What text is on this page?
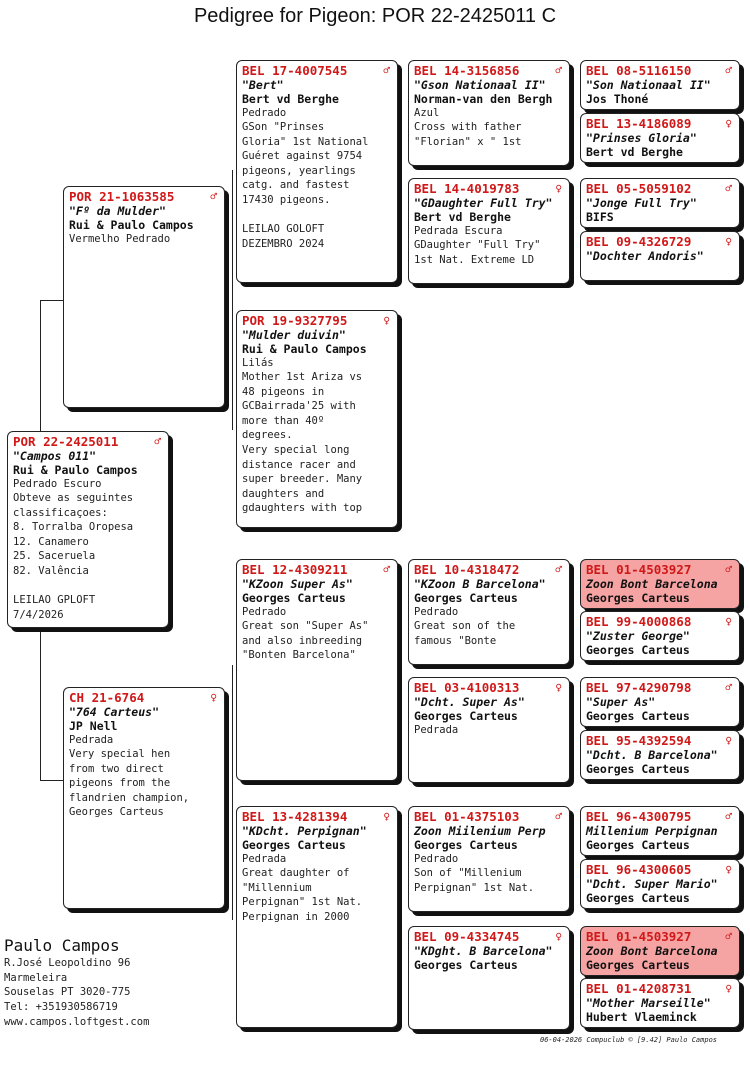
Pedigree for Pigeon: POR 22-2425011 C
POR 22-2425011	♂
"Campos 011"
Rui & Paulo Campos
Pedrado Escuro
Obteve as seguintes
classificaçoes:
8. Torralba Oropesa
12. Canamero
25. Saceruela
82. Valência

LEILAO GPLOFT
7/4/2026
POR 21-1063585	♂
"Fº da Mulder"
Rui & Paulo Campos
Vermelho Pedrado
CH 21-6764	♀
"764 Carteus"
JP Nell
Pedrada
Very special hen
from two direct
pigeons from the
flandrien champion,
Georges Carteus
BEL 17-4007545	♂
"Bert"
Bert vd Berghe
Pedrado
GSon "Prinses
Gloria" 1st National
Guéret against 9754
pigeons, yearlings
catg. and fastest
17430 pigeons.

LEILAO GOLOFT
DEZEMBRO 2024
POR 19-9327795	♀
"Mulder duivin"
Rui & Paulo Campos
Lilás
Mother 1st Ariza vs
48 pigeons in
GCBairrada'25 with
more than 40º
degrees.
Very special long
distance racer and
super breeder. Many
daughters and
gdaughters with top
BEL 12-4309211	♂
"KZoon Super As"
Georges Carteus
Pedrado
Great son "Super As"
and also inbreeding
"Bonten Barcelona"
BEL 13-4281394	♀
"KDcht. Perpignan"
Georges Carteus
Pedrada
Great daughter of
"Millennium
Perpignan" 1st Nat.
Perpignan in 2000
BEL 14-3156856	♂
"Gson Nationaal II"
Norman-van den Bergh
Azul
Cross with father
"Florian" x " 1st
BEL 14-4019783	♀
"GDaughter Full Try"
Bert vd Berghe
Pedrada Escura
GDaughter "Full Try"
1st Nat. Extreme LD
BEL 10-4318472	♂
"KZoon B Barcelona"
Georges Carteus
Pedrado
Great son of the
famous "Bonte
BEL 03-4100313	♀
"Dcht. Super As"
Georges Carteus
Pedrada
BEL 01-4375103	♂
Zoon Miilenium Perp
Georges Carteus
Pedrado
Son of "Millenium
Perpignan" 1st Nat.
BEL 09-4334745	♀
"KDght. B Barcelona"
Georges Carteus
BEL 08-5116150	♂
"Son Nationaal II"
Jos Thoné
BEL 13-4186089	♀
"Prinses Gloria"
Bert vd Berghe
BEL 05-5059102	♂
"Jonge Full Try"
BIFS
BEL 09-4326729	♀
"Dochter Andoris"
BEL 01-4503927	♂
Zoon Bont Barcelona
Georges Carteus
BEL 99-4000868	♀
"Zuster George"
Georges Carteus
BEL 97-4290798	♂
"Super As"
Georges Carteus
BEL 95-4392594	♀
"Dcht. B Barcelona"
Georges Carteus
BEL 96-4300795	♂
Millenium Perpignan
Georges Carteus
BEL 96-4300605	♀
"Dcht. Super Mario"
Georges Carteus
BEL 01-4503927	♂
Zoon Bont Barcelona
Georges Carteus
BEL 01-4208731	♀
"Mother Marseille"
Hubert Vlaeminck
Paulo Campos
R.José Leopoldino 96
Marmeleira
Souselas PT 3020-775
Tel: +351930586719
www.campos.loftgest.com
06-04-2026 Compuclub © [9.42] Paulo Campos
